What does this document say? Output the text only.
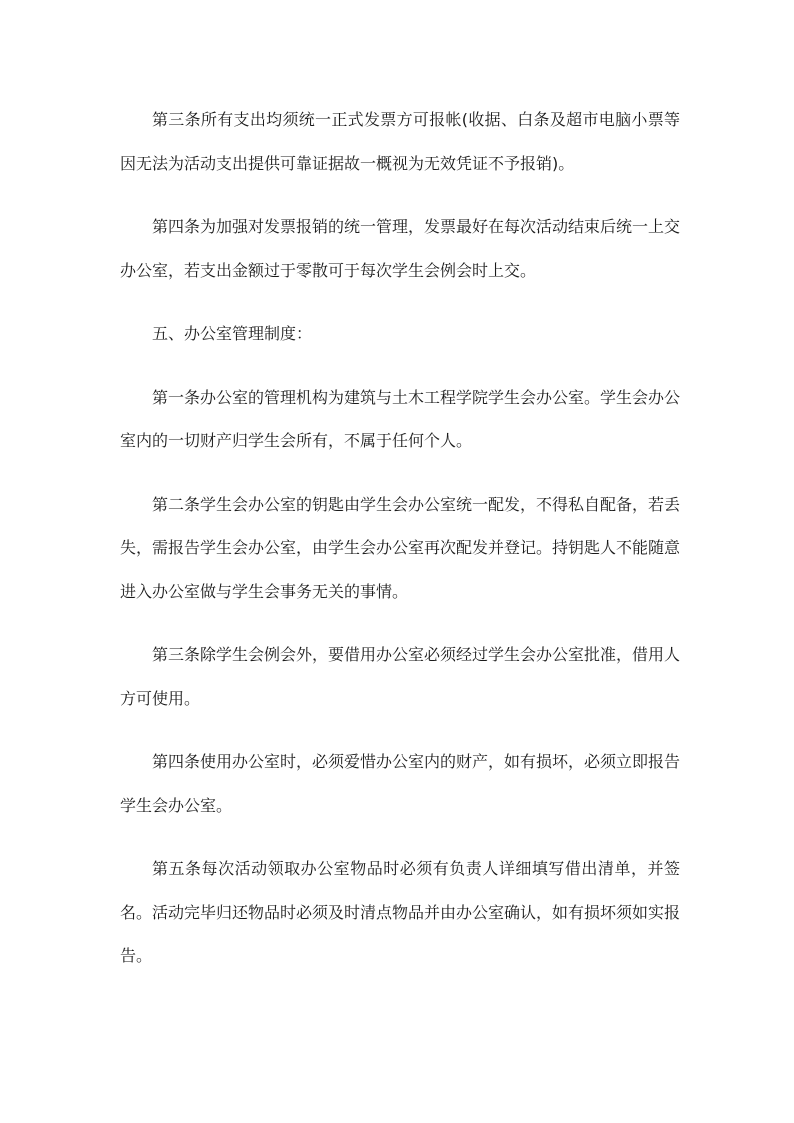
第三条所有支出均须统一正式发票方可报帐(收据、白条及超市电脑小票等因无法为活动支出提供可靠证据故一概视为无效凭证不予报销)。

第四条为加强对发票报销的统一管理，发票最好在每次活动结束后统一上交办公室，若支出金额过于零散可于每次学生会例会时上交。

五、办公室管理制度：

第一条办公室的管理机构为建筑与土木工程学院学生会办公室。学生会办公室内的一切财产归学生会所有，不属于任何个人。

第二条学生会办公室的钥匙由学生会办公室统一配发，不得私自配备，若丢失，需报告学生会办公室，由学生会办公室再次配发并登记。持钥匙人不能随意进入办公室做与学生会事务无关的事情。

第三条除学生会例会外，要借用办公室必须经过学生会办公室批准，借用人方可使用。

第四条使用办公室时，必须爱惜办公室内的财产，如有损坏，必须立即报告学生会办公室。

第五条每次活动领取办公室物品时必须有负责人详细填写借出清单，并签名。活动完毕归还物品时必须及时清点物品并由办公室确认，如有损坏须如实报告。
